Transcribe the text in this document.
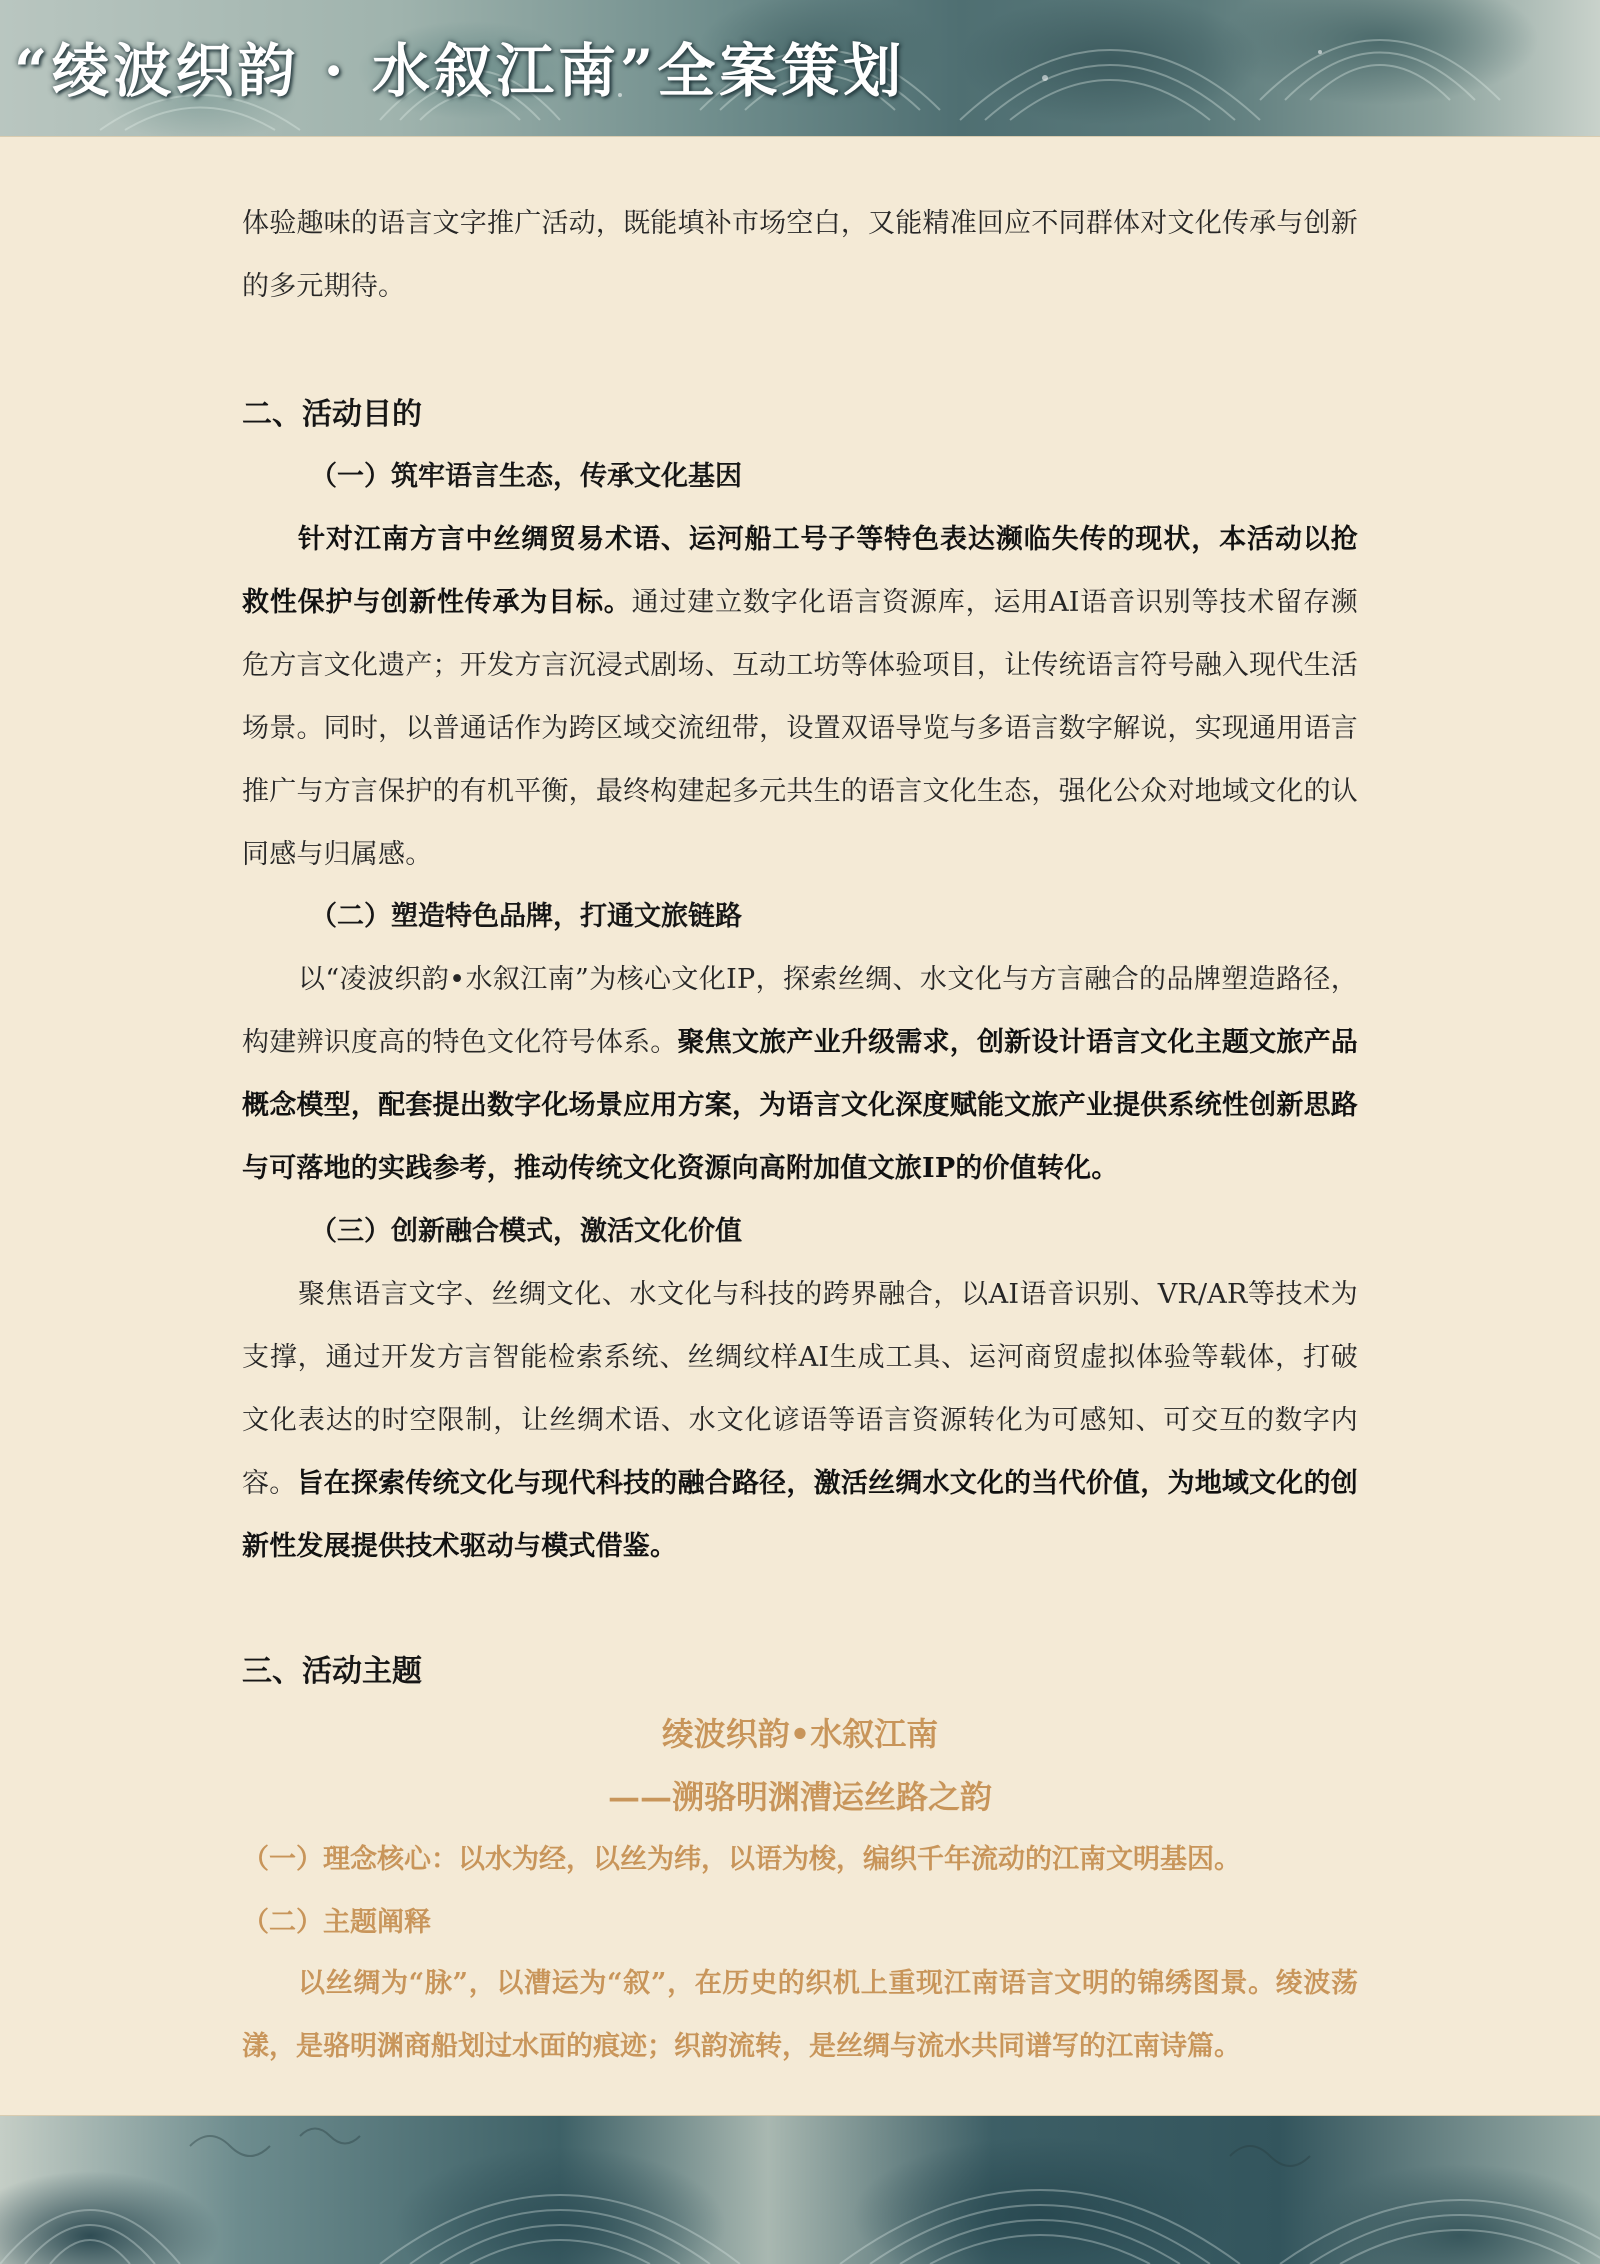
“绫波织韵 · 水叙江南”全案策划

体验趣味的语言文字推广活动，既能填补市场空白，又能精准回应不同群体对文化传承与创新的多元期待。

二、活动目的
（一）筑牢语言生态，传承文化基因

针对江南方言中丝绸贸易术语、运河船工号子等特色表达濒临失传的现状，本活动以抢救性保护与创新性传承为目标。通过建立数字化语言资源库，运用AI语音识别等技术留存濒危方言文化遗产；开发方言沉浸式剧场、互动工坊等体验项目，让传统语言符号融入现代生活场景。同时，以普通话作为跨区域交流纽带，设置双语导览与多语言数字解说，实现通用语言推广与方言保护的有机平衡，最终构建起多元共生的语言文化生态，强化公众对地域文化的认同感与归属感。

（二）塑造特色品牌，打通文旅链路

以“凌波织韵•水叙江南”为核心文化IP，探索丝绸、水文化与方言融合的品牌塑造路径，构建辨识度高的特色文化符号体系。聚焦文旅产业升级需求，创新设计语言文化主题文旅产品概念模型，配套提出数字化场景应用方案，为语言文化深度赋能文旅产业提供系统性创新思路与可落地的实践参考，推动传统文化资源向高附加值文旅IP的价值转化。

（三）创新融合模式，激活文化价值

聚焦语言文字、丝绸文化、水文化与科技的跨界融合，以AI语音识别、VR/AR等技术为支撑，通过开发方言智能检索系统、丝绸纹样AI生成工具、运河商贸虚拟体验等载体，打破文化表达的时空限制，让丝绸术语、水文化谚语等语言资源转化为可感知、可交互的数字内容。旨在探索传统文化与现代科技的融合路径，激活丝绸水文化的当代价值，为地域文化的创新性发展提供技术驱动与模式借鉴。

三、活动主题

绫波织韵•水叙江南

——溯骆明渊漕运丝路之韵

（一）理念核心：以水为经，以丝为纬，以语为梭，编织千年流动的江南文明基因。

（二）主题阐释

以丝绸为“脉”，以漕运为“叙”，在历史的织机上重现江南语言文明的锦绣图景。绫波荡漾，是骆明渊商船划过水面的痕迹；织韵流转，是丝绸与流水共同谱写的江南诗篇。
